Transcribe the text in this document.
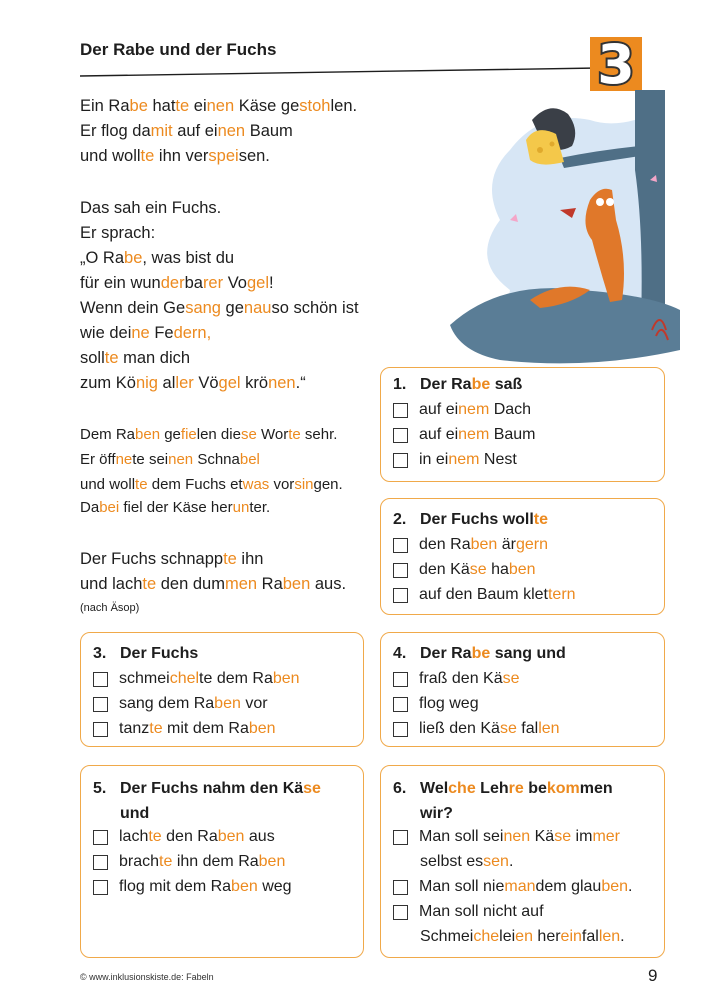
Der Rabe und der Fuchs	3
Ein Rabe hatte einen Käse gestohlen.
Er flog damit auf einen Baum
und wollte ihn verspeisen.
Das sah ein Fuchs.
Er sprach:
„O Rabe, was bist du
für ein wunderbarer Vogel!
Wenn dein Gesang genauso schön ist
wie deine Federn,
sollte man dich
zum König aller Vögel krönen.“
Dem Raben gefielen diese Worte sehr.
Er öffnete seinen Schnabel
und wollte dem Fuchs etwas vorsingen.
Dabei fiel der Käse herunter.
Der Fuchs schnappte ihn
und lachte den dummen Raben aus.
(nach Äsop)
1. Der Rabe saß
auf einem Dach
auf einem Baum
in einem Nest
2. Der Fuchs wollte
den Raben ärgern
den Käse haben
auf den Baum klettern
3. Der Fuchs
schmeichelte dem Raben
sang dem Raben vor
tanzte mit dem Raben
4. Der Rabe sang und
fraß den Käse
flog weg
ließ den Käse fallen
5. Der Fuchs nahm den Käse
und
lachte den Raben aus
brachte ihn dem Raben
flog mit dem Raben weg
6. Welche Lehre bekommen
wir?
Man soll seinen Käse immer
selbst essen.
Man soll niemandem glauben.
Man soll nicht auf
Schmeicheleien hereinfallen.
© www.inklusionskiste.de: Fabeln	9
